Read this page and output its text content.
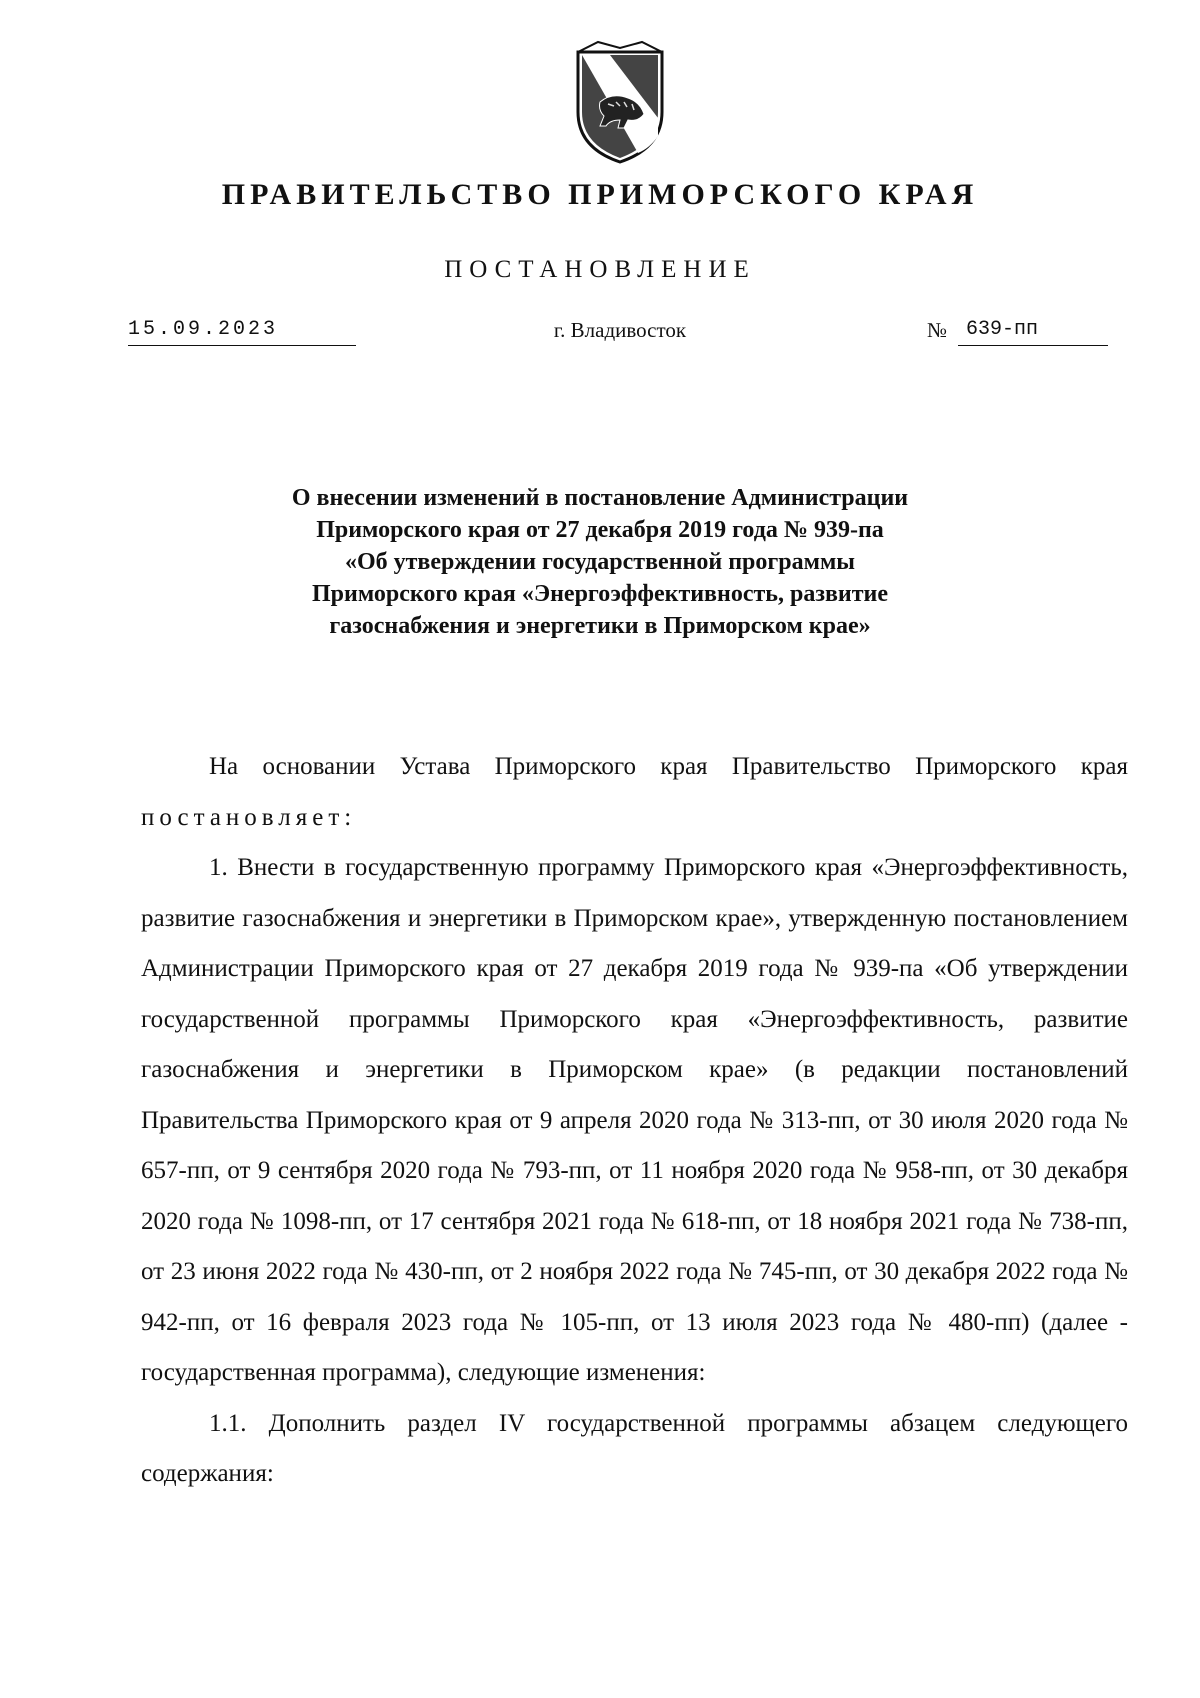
ПРАВИТЕЛЬСТВО ПРИМОРСКОГО КРАЯ
ПОСТАНОВЛЕНИЕ
15.09.2023	г. Владивосток	№ 639-пп
О внесении изменений в постановление Администрации
Приморского края от 27 декабря 2019 года № 939-па
«Об утверждении государственной программы
Приморского края «Энергоэффективность, развитие
газоснабжения и энергетики в Приморском крае»

На основании Устава Приморского края Правительство Приморского края

постановляет:

1. Внести в государственную программу Приморского края «Энергоэффективность, развитие газоснабжения и энергетики в Приморском крае», утвержденную постановлением Администрации Приморского края от 27 декабря 2019 года № 939-па «Об утверждении государственной программы Приморского края «Энергоэффективность, развитие газоснабжения и энергетики в Приморском крае» (в редакции постановлений Правительства Приморского края от 9 апреля 2020 года № 313-пп, от 30 июля 2020 года № 657-пп, от 9 сентября 2020 года № 793-пп, от 11 ноября 2020 года № 958-пп, от 30 декабря 2020 года № 1098-пп, от 17 сентября 2021 года № 618-пп, от 18 ноября 2021 года № 738-пп, от 23 июня 2022 года № 430-пп, от 2 ноября 2022 года № 745-пп, от 30 декабря 2022 года № 942-пп, от 16 февраля 2023 года № 105-пп, от 13 июля 2023 года № 480-пп) (далее - государственная программа), следующие изменения:

1.1. Дополнить раздел IV государственной программы абзацем следующего содержания:
